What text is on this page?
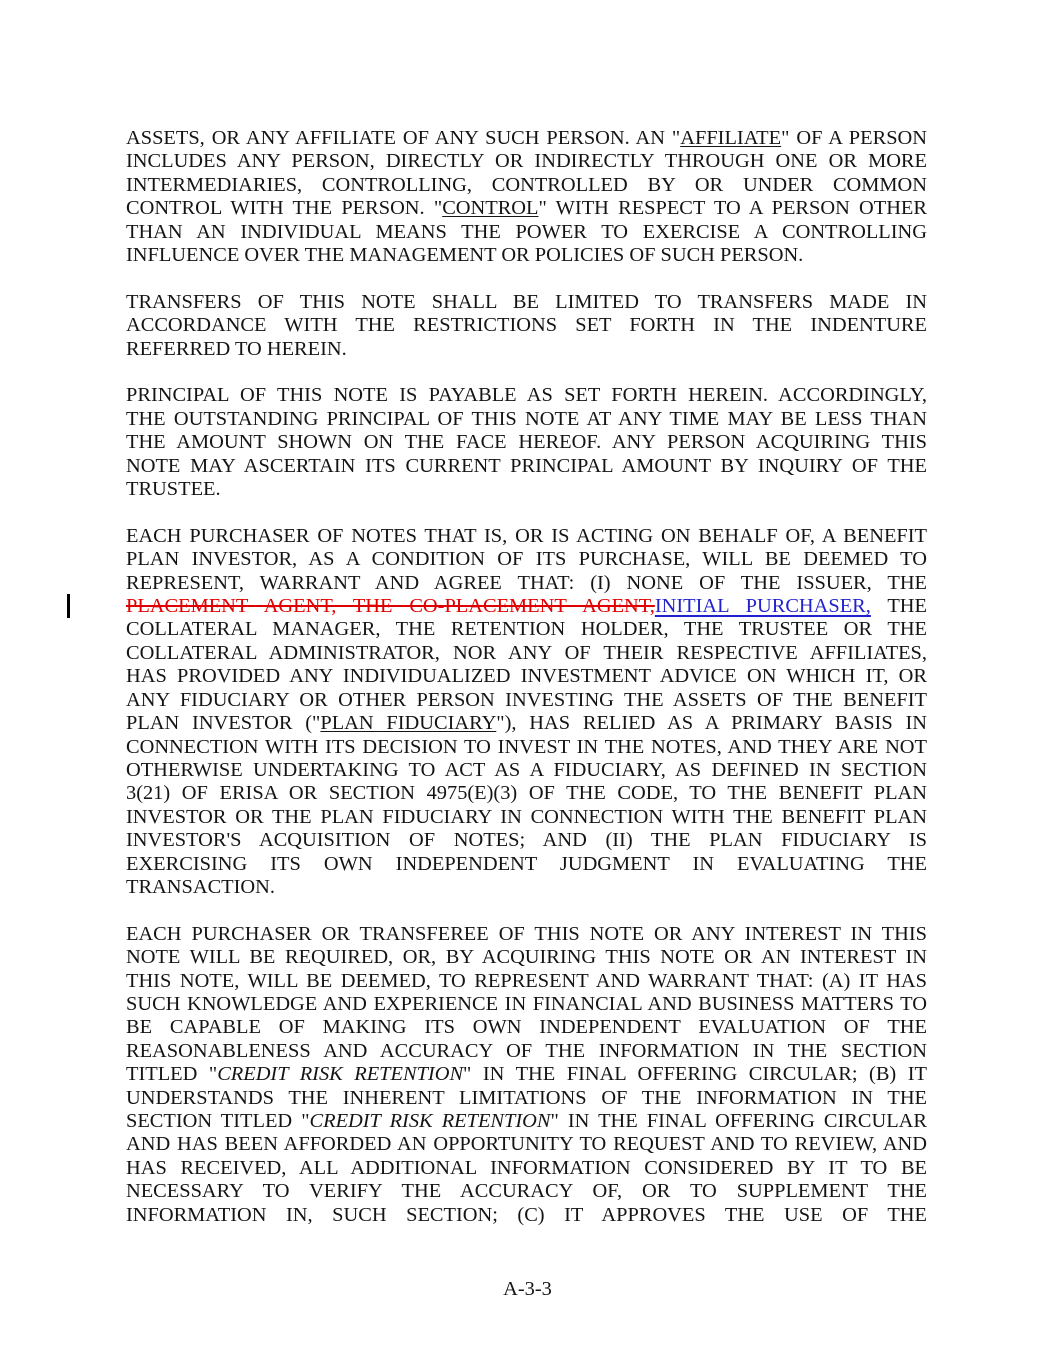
ASSETS, OR ANY AFFILIATE OF ANY SUCH PERSON. AN "AFFILIATE" OF A PERSON
INCLUDES ANY PERSON, DIRECTLY OR INDIRECTLY THROUGH ONE OR MORE
INTERMEDIARIES, CONTROLLING, CONTROLLED BY OR UNDER COMMON
CONTROL WITH THE PERSON. "CONTROL" WITH RESPECT TO A PERSON OTHER
THAN AN INDIVIDUAL MEANS THE POWER TO EXERCISE A CONTROLLING
INFLUENCE OVER THE MANAGEMENT OR POLICIES OF SUCH PERSON.
TRANSFERS OF THIS NOTE SHALL BE LIMITED TO TRANSFERS MADE IN
ACCORDANCE WITH THE RESTRICTIONS SET FORTH IN THE INDENTURE
REFERRED TO HEREIN.
PRINCIPAL OF THIS NOTE IS PAYABLE AS SET FORTH HEREIN. ACCORDINGLY,
THE OUTSTANDING PRINCIPAL OF THIS NOTE AT ANY TIME MAY BE LESS THAN
THE AMOUNT SHOWN ON THE FACE HEREOF. ANY PERSON ACQUIRING THIS
NOTE MAY ASCERTAIN ITS CURRENT PRINCIPAL AMOUNT BY INQUIRY OF THE
TRUSTEE.
EACH PURCHASER OF NOTES THAT IS, OR IS ACTING ON BEHALF OF, A BENEFIT
PLAN INVESTOR, AS A CONDITION OF ITS PURCHASE, WILL BE DEEMED TO
REPRESENT, WARRANT AND AGREE THAT: (I) NONE OF THE ISSUER, THE
PLACEMENT AGENT, THE CO-PLACEMENT AGENT,INITIAL PURCHASER, THE
COLLATERAL MANAGER, THE RETENTION HOLDER, THE TRUSTEE OR THE
COLLATERAL ADMINISTRATOR, NOR ANY OF THEIR RESPECTIVE AFFILIATES,
HAS PROVIDED ANY INDIVIDUALIZED INVESTMENT ADVICE ON WHICH IT, OR
ANY FIDUCIARY OR OTHER PERSON INVESTING THE ASSETS OF THE BENEFIT
PLAN INVESTOR ("PLAN FIDUCIARY"), HAS RELIED AS A PRIMARY BASIS IN
CONNECTION WITH ITS DECISION TO INVEST IN THE NOTES, AND THEY ARE NOT
OTHERWISE UNDERTAKING TO ACT AS A FIDUCIARY, AS DEFINED IN SECTION
3(21) OF ERISA OR SECTION 4975(E)(3) OF THE CODE, TO THE BENEFIT PLAN
INVESTOR OR THE PLAN FIDUCIARY IN CONNECTION WITH THE BENEFIT PLAN
INVESTOR'S ACQUISITION OF NOTES; AND (II) THE PLAN FIDUCIARY IS
EXERCISING ITS OWN INDEPENDENT JUDGMENT IN EVALUATING THE
TRANSACTION.
EACH PURCHASER OR TRANSFEREE OF THIS NOTE OR ANY INTEREST IN THIS
NOTE WILL BE REQUIRED, OR, BY ACQUIRING THIS NOTE OR AN INTEREST IN
THIS NOTE, WILL BE DEEMED, TO REPRESENT AND WARRANT THAT: (A) IT HAS
SUCH KNOWLEDGE AND EXPERIENCE IN FINANCIAL AND BUSINESS MATTERS TO
BE CAPABLE OF MAKING ITS OWN INDEPENDENT EVALUATION OF THE
REASONABLENESS AND ACCURACY OF THE INFORMATION IN THE SECTION
TITLED "CREDIT RISK RETENTION" IN THE FINAL OFFERING CIRCULAR; (B) IT
UNDERSTANDS THE INHERENT LIMITATIONS OF THE INFORMATION IN THE
SECTION TITLED "CREDIT RISK RETENTION" IN THE FINAL OFFERING CIRCULAR
AND HAS BEEN AFFORDED AN OPPORTUNITY TO REQUEST AND TO REVIEW, AND
HAS RECEIVED, ALL ADDITIONAL INFORMATION CONSIDERED BY IT TO BE
NECESSARY TO VERIFY THE ACCURACY OF, OR TO SUPPLEMENT THE
INFORMATION IN, SUCH SECTION; (C) IT APPROVES THE USE OF THE
A-3-3
